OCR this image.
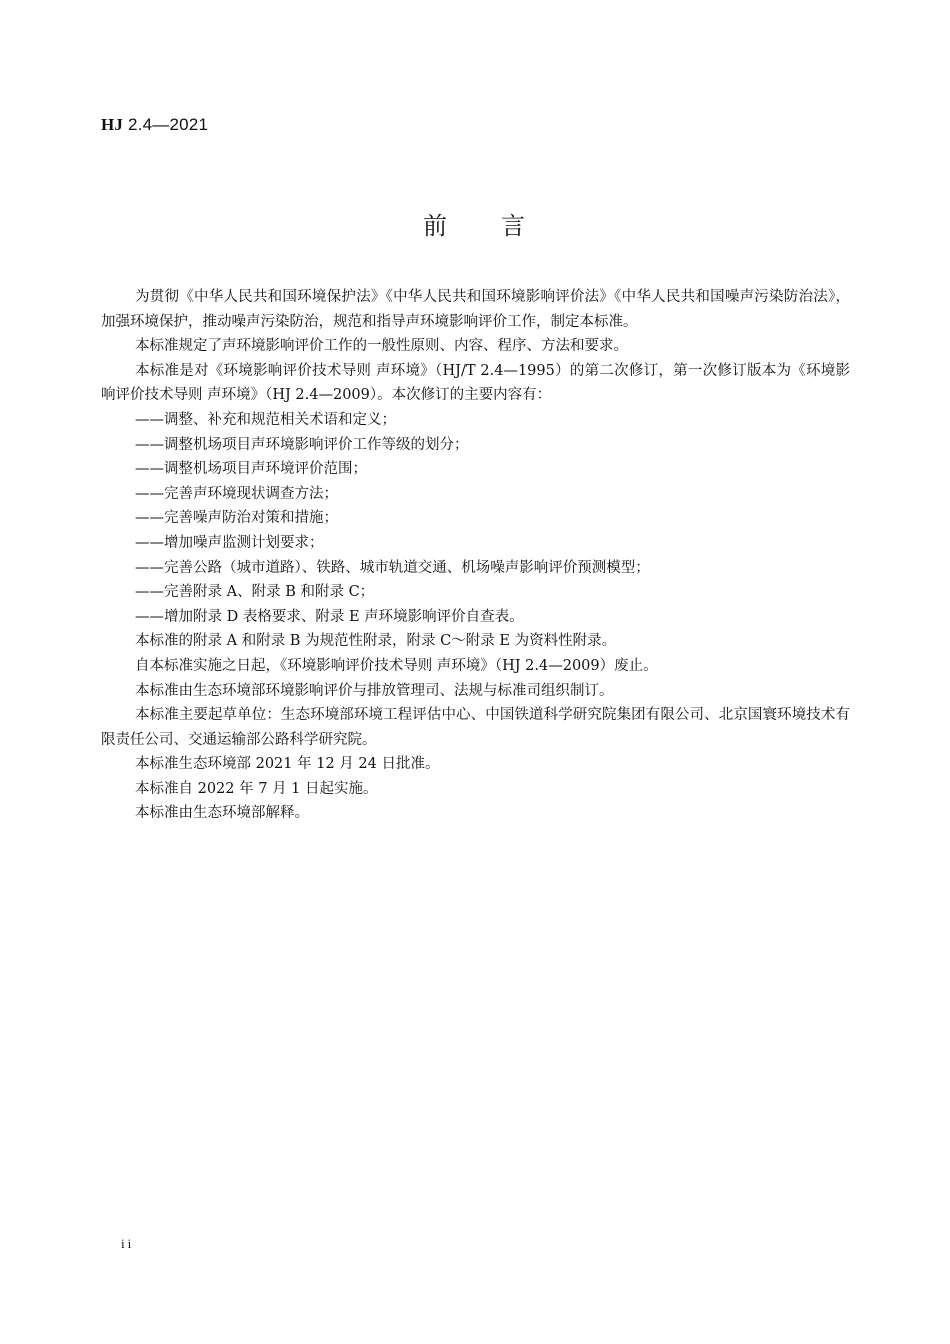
HJ 2.4—2021
前 言

为贯彻《中华人民共和国环境保护法》《中华人民共和国环境影响评价法》《中华人民共和国噪声污染防治法》，加强环境保护，推动噪声污染防治，规范和指导声环境影响评价工作，制定本标准。

本标准规定了声环境影响评价工作的一般性原则、内容、程序、方法和要求。

本标准是对《环境影响评价技术导则 声环境》（HJ/T 2.4—1995）的第二次修订，第一次修订版本为《环境影响评价技术导则 声环境》（HJ 2.4—2009）。本次修订的主要内容有：

——调整、补充和规范相关术语和定义；

——调整机场项目声环境影响评价工作等级的划分；

——调整机场项目声环境评价范围；

——完善声环境现状调查方法；

——完善噪声防治对策和措施；

——增加噪声监测计划要求；

——完善公路（城市道路）、铁路、城市轨道交通、机场噪声影响评价预测模型；

——完善附录 A、附录 B 和附录 C；

——增加附录 D 表格要求、附录 E 声环境影响评价自查表。

本标准的附录 A 和附录 B 为规范性附录，附录 C～附录 E 为资料性附录。

自本标准实施之日起，《环境影响评价技术导则 声环境》（HJ 2.4—2009）废止。

本标准由生态环境部环境影响评价与排放管理司、法规与标准司组织制订。

本标准主要起草单位：生态环境部环境工程评估中心、中国铁道科学研究院集团有限公司、北京国寰环境技术有限责任公司、交通运输部公路科学研究院。

本标准生态环境部 2021 年 12 月 24 日批准。

本标准自 2022 年 7 月 1 日起实施。

本标准由生态环境部解释。

ii
